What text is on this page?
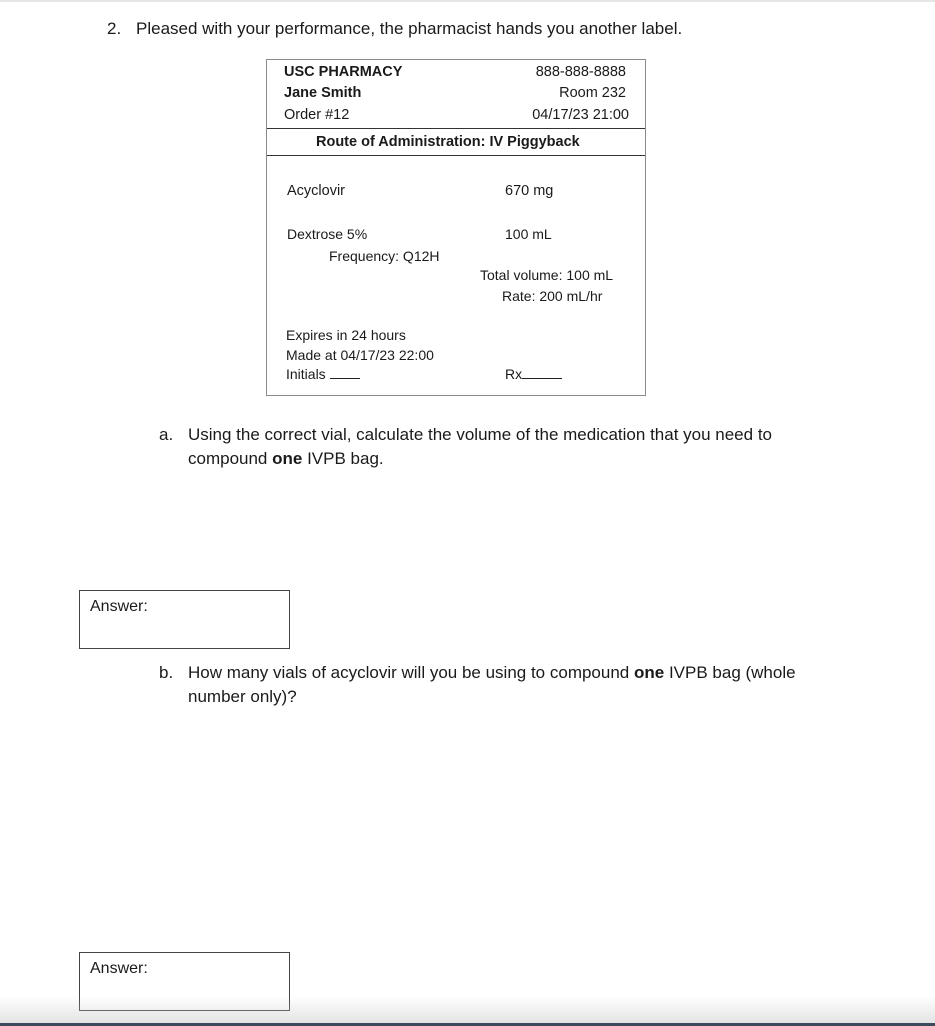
2. Pleased with your performance, the pharmacist hands you another label.
USC PHARMACY	888-888-8888
Jane Smith	Room 232
Order #12	04/17/23 21:00
Route of Administration: IV Piggyback
Acyclovir	670 mg
Dextrose 5%	100 mL
Frequency: Q12H
Total volume: 100 mL
Rate: 200 mL/hr
Expires in 24 hours
Made at 04/17/23 22:00
Initials	Rx
a. Using the correct vial, calculate the volume of the medication that you need to
compound one IVPB bag.
Answer:
b. How many vials of acyclovir will you be using to compound one IVPB bag (whole
number only)?
Answer:
